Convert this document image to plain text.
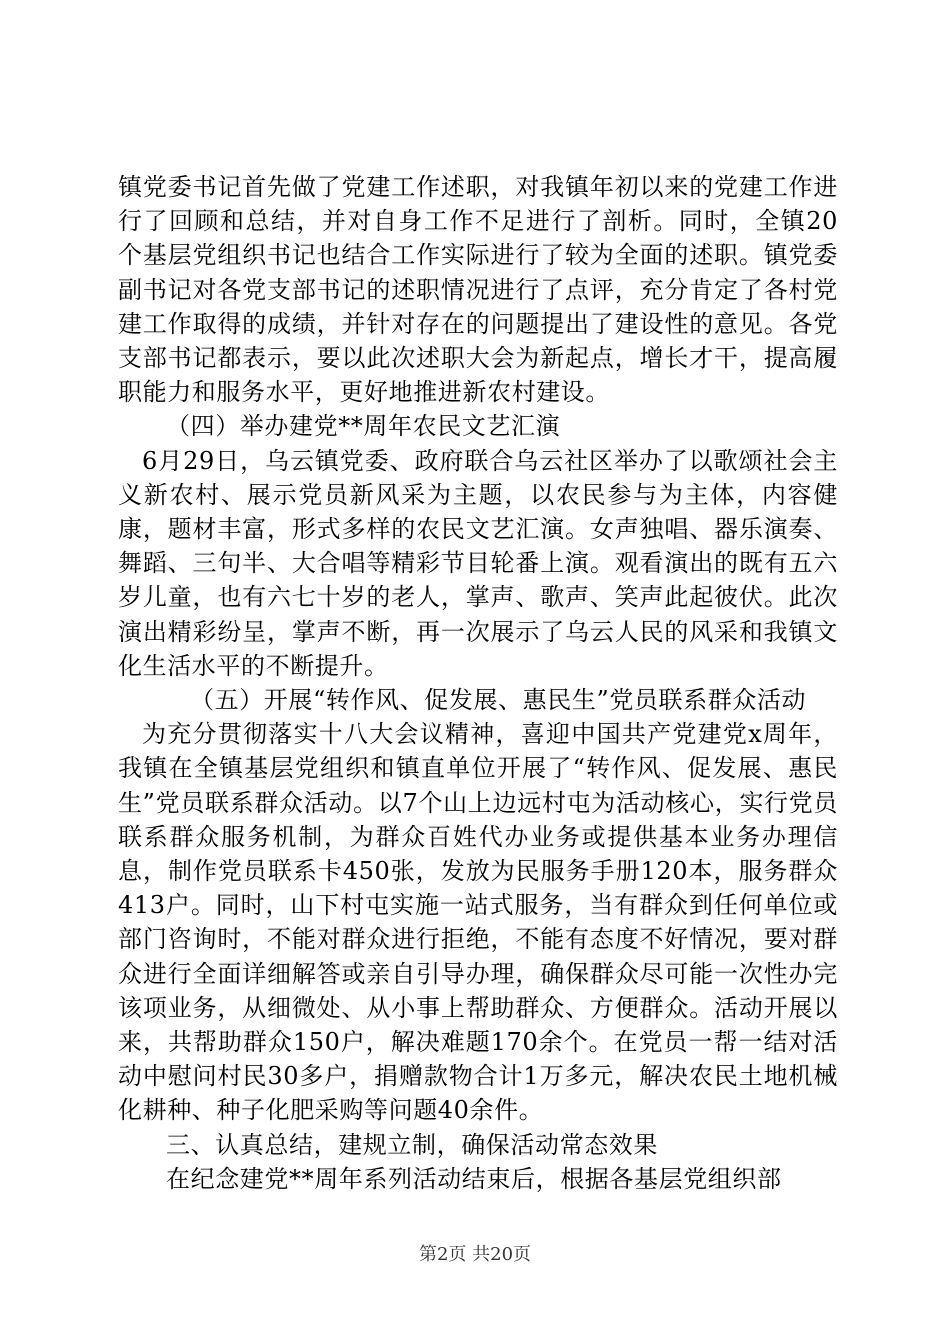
镇党委书记首先做了党建工作述职，对我镇年初以来的党建工作进行了回顾和总结，并对自身工作不足进行了剖析。同时，全镇20个基层党组织书记也结合工作实际进行了较为全面的述职。镇党委副书记对各党支部书记的述职情况进行了点评，充分肯定了各村党建工作取得的成绩，并针对存在的问题提出了建设性的意见。各党支部书记都表示，要以此次述职大会为新起点，增长才干，提高履职能力和服务水平，更好地推进新农村建设。

（四）举办建党**周年农民文艺汇演

6月29日，乌云镇党委、政府联合乌云社区举办了以歌颂社会主义新农村、展示党员新风采为主题，以农民参与为主体，内容健康，题材丰富，形式多样的农民文艺汇演。女声独唱、器乐演奏、舞蹈、三句半、大合唱等精彩节目轮番上演。观看演出的既有五六岁儿童，也有六七十岁的老人，掌声、歌声、笑声此起彼伏。此次演出精彩纷呈，掌声不断，再一次展示了乌云人民的风采和我镇文化生活水平的不断提升。

（五）开展“转作风、促发展、惠民生”党员联系群众活动

为充分贯彻落实十八大会议精神，喜迎中国共产党建党x周年，我镇在全镇基层党组织和镇直单位开展了“转作风、促发展、惠民生”党员联系群众活动。以7个山上边远村屯为活动核心，实行党员联系群众服务机制，为群众百姓代办业务或提供基本业务办理信息，制作党员联系卡450张，发放为民服务手册120本，服务群众413户。同时，山下村屯实施一站式服务，当有群众到任何单位或部门咨询时，不能对群众进行拒绝，不能有态度不好情况，要对群众进行全面详细解答或亲自引导办理，确保群众尽可能一次性办完该项业务，从细微处、从小事上帮助群众、方便群众。活动开展以来，共帮助群众150户，解决难题170余个。在党员一帮一结对活动中慰问村民30多户，捐赠款物合计1万多元，解决农民土地机械化耕种、种子化肥采购等问题40余件。

三、认真总结，建规立制，确保活动常态效果

在纪念建党**周年系列活动结束后，根据各基层党组织部

第2页 共20页
